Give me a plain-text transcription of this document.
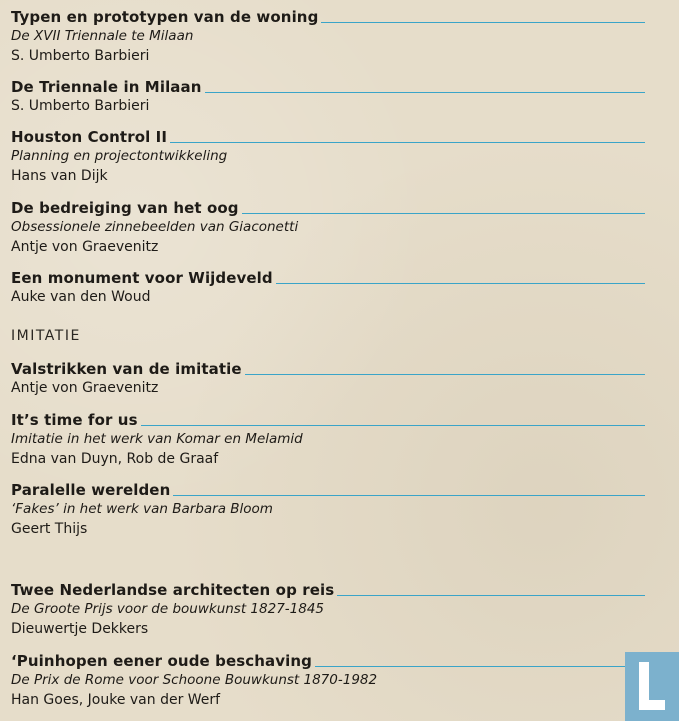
Typen en prototypen van de woning
De XVII Triennale te Milaan
S. Umberto Barbieri
De Triennale in Milaan
S. Umberto Barbieri
Houston Control II
Planning en projectontwikkeling
Hans van Dijk
De bedreiging van het oog
Obsessionele zinnebeelden van Giaconetti
Antje von Graevenitz
Een monument voor Wijdeveld
Auke van den Woud
IMITATIE
Valstrikken van de imitatie
Antje von Graevenitz
It’s time for us
Imitatie in het werk van Komar en Melamid
Edna van Duyn, Rob de Graaf
Paralelle werelden
‘Fakes’ in het werk van Barbara Bloom
Geert Thijs
Twee Nederlandse architecten op reis
De Groote Prijs voor de bouwkunst 1827-1845
Dieuwertje Dekkers
‘Puinhopen eener oude beschaving
De Prix de Rome voor Schoone Bouwkunst 1870-1982
Han Goes, Jouke van der Werf
